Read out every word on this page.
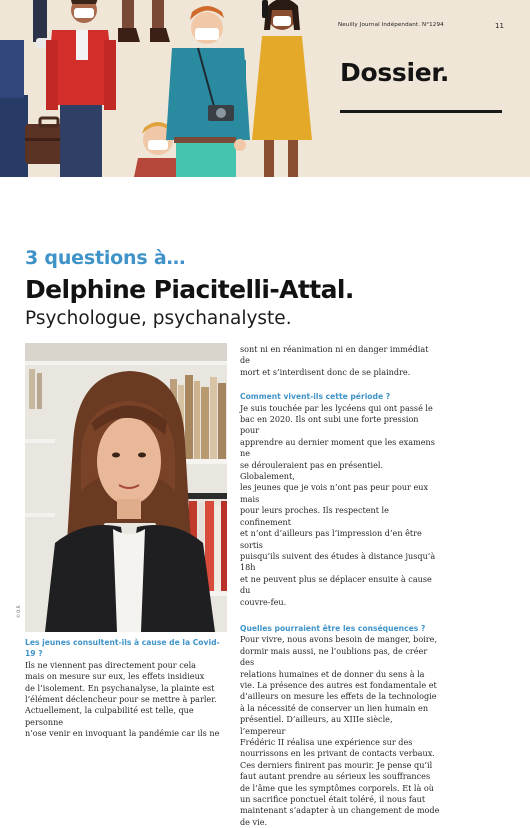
Neuilly Journal Indépendant. N°1294	11
Dossier.
3 questions à…
Delphine Piacitelli-Attal.
Psychologue, psychanalyste.
© D.R.

Les jeunes consultent-ils à cause de la Covid-19 ?

Ils ne viennent pas directement pour cela

mais on mesure sur eux, les effets insidieux

de l’isolement. En psychanalyse, la plainte est

l’élément déclencheur pour se mettre à parler.

Actuellement, la culpabilité est telle, que personne

n’ose venir en invoquant la pandémie car ils ne

sont ni en réanimation ni en danger immédiat de

mort et s’interdisent donc de se plaindre.

Comment vivent-ils cette période ?

Je suis touchée par les lycéens qui ont passé le

bac en 2020. Ils ont subi une forte pression pour

apprendre au dernier moment que les examens ne

se dérouleraient pas en présentiel. Globalement,

les jeunes que je vois n’ont pas peur pour eux mais

pour leurs proches. Ils respectent le confinement

et n’ont d’ailleurs pas l’impression d’en être sortis

puisqu’ils suivent des études à distance jusqu’à 18h

et ne peuvent plus se déplacer ensuite à cause du

couvre-feu.

Quelles pourraient être les conséquences ?

Pour vivre, nous avons besoin de manger, boire,

dormir mais aussi, ne l’oublions pas, de créer des

relations humaines et de donner du sens à la

vie. La présence des autres est fondamentale et

d’ailleurs on mesure les effets de la technologie

à la nécessité de conserver un lien humain en

présentiel. D’ailleurs, au XIIIe siècle, l’empereur

Frédéric II réalisa une expérience sur des

nourrissons en les privant de contacts verbaux.

Ces derniers finirent pas mourir. Je pense qu’il

faut autant prendre au sérieux les souffrances

de l’âme que les symptômes corporels. Et là où

un sacrifice ponctuel était toléré, il nous faut

maintenant s’adapter à un changement de mode

de vie.
